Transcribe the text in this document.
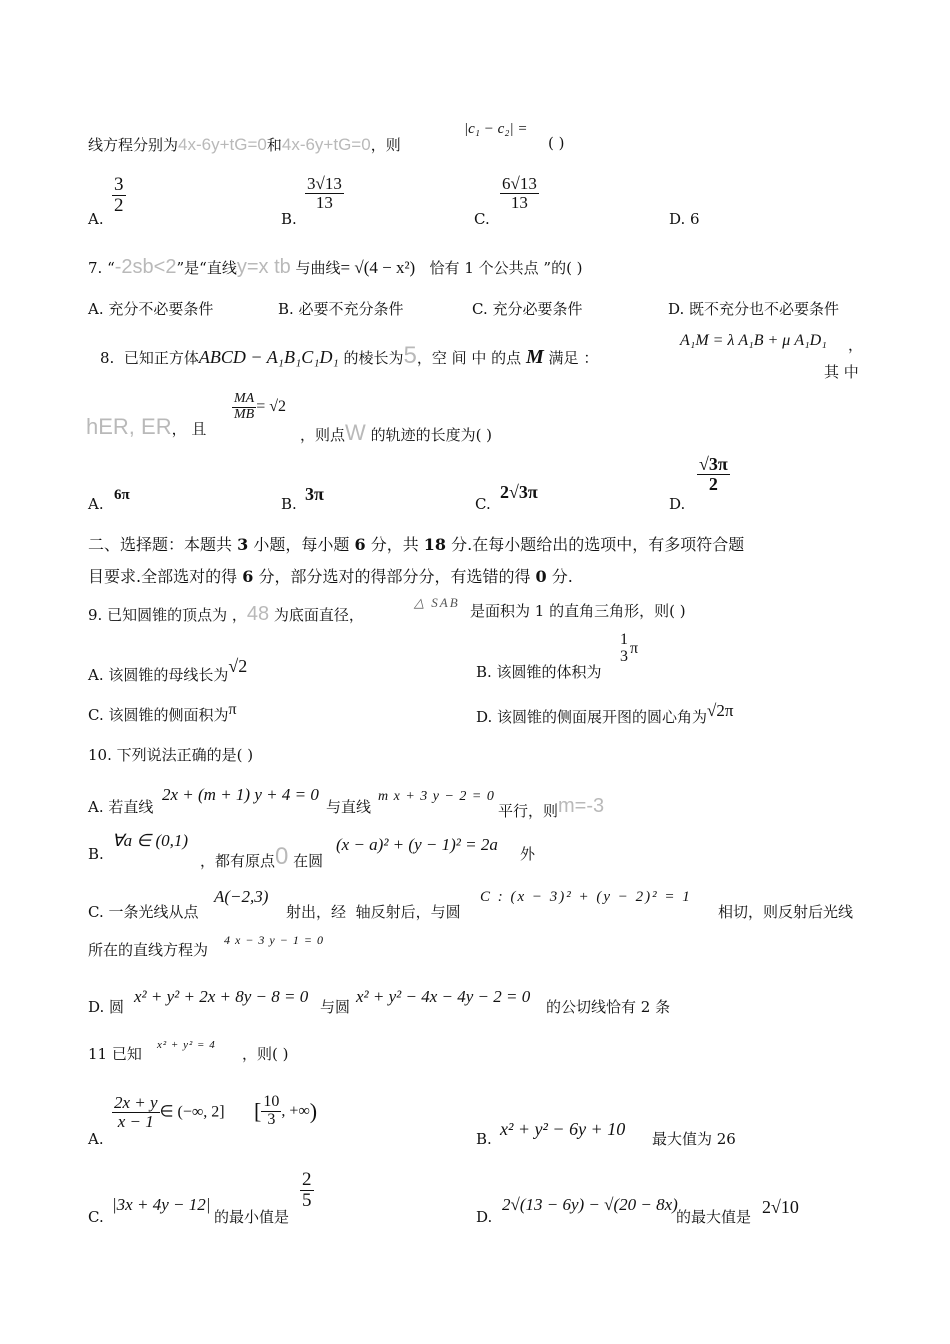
线方程分别为4x-6y+tG=0和4x-6y+tG=0，则
|c₁ − c₂| =
( )
A.
$\frac{3}{2}$
B.
$\frac{3√13}{13}$
C.
$\frac{6√13}{13}$
D. 6
7. “-2sb<2”是“直线y=x tb 与曲线= √(4 − x²) 恰有 1 个公共点 ”的( )
A. 充分不必要条件	B. 必要不充分条件	C. 充分必要条件	D. 既不充分也不必要条件
8. 已知正方体ABCD − A₁B₁C₁D₁ 的棱长为5，空 间 中 的点 M 满足 ：
A₁M = λ A₁B + μ A₁D₁ ，
其 中
hER, ER， 且
$\frac{MA}{MB} = √2$
，则点W 的轨迹的长度为( )
A. 6π	B. 3π	C.
2√3π
D.
$\frac{√3\pi}{2}$
二、选择题：本题共 3 小题，每小题 6 分，共 18 分.在每小题给出的选项中，有多项符合题
目要求.全部选对的得 6 分，部分选对的得部分分，有选错的得 0 分.
9. 已知圆锥的顶点为 ，48 为底面直径，
△ SAB 是面积为 1 的直角三角形，则( )
A. 该圆锥的母线长为√2	B. 该圆锥的体积为
1
3 π
C. 该圆锥的侧面积为π	D. 该圆锥的侧面展开图的圆心角为√2π
10. 下列说法正确的是( )
A. 若直线
2x + (m + 1) y + 4 = 0
与直线
m x + 3 y − 2 = 0
平行，则m=-3
B.
∀a ∈ (0,1)
，都有原点0 在圆
(x − a)² + (y − 1)² = 2a 外
C. 一条光线从点
A(−2,3)
射出，经 轴反射后，与圆
C : (x − 3)² + (y − 2)² = 1
相切，则反射后光线
所在的直线方程为
4 x − 3 y − 1 = 0
D. 圆
x² + y² + 2x + 8y − 8 = 0
与圆
x² + y² − 4x − 4y − 2 = 0
的公切线恰有 2 条
11 已知 x² + y² = 4 ，则( )
A.
$\frac{2x + y}{x - 1}$ ∈ (−∞, 2] [ $\frac{10}{3}$ , +∞)
B. x² + y² − 6y + 10 最大值为 26
C.
|3x + 4y − 12|
的最小值是
$\frac{2}{5}$
D.
2√(13 − 6y) − √(20 − 8x)
的最大值是 2√10
